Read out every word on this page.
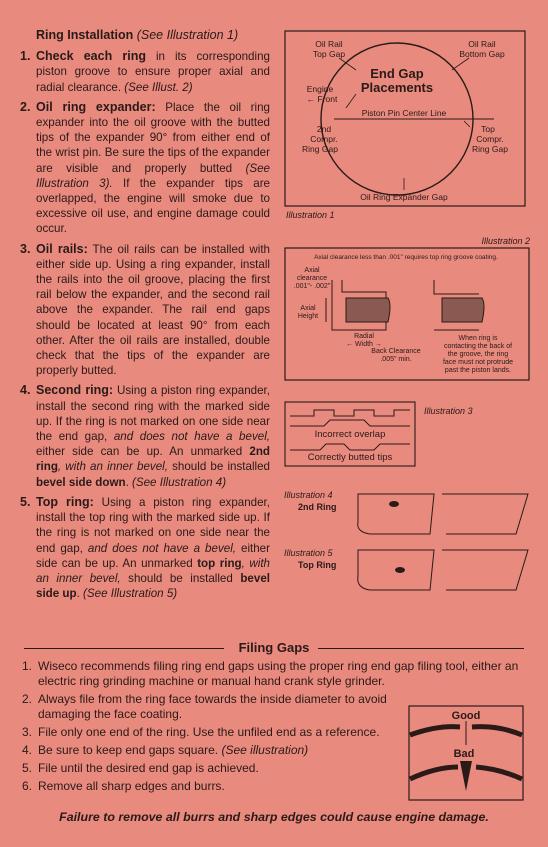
Ring Installation (See Illustration 1)
1. Check each ring in its corresponding piston groove to ensure proper axial and radial clearance. (See Illust. 2)
2. Oil ring expander: Place the oil ring expander into the oil groove with the butted tips of the expander 90° from either end of the wrist pin. Be sure the tips of the expander are visible and properly butted (See Illustration 3). If the expander tips are overlapped, the engine will smoke due to excessive oil use, and engine damage could occur.
3. Oil rails: The oil rails can be installed with either side up. Using a ring expander, install the rails into the oil groove, placing the first rail below the expander, and the second rail above the expander. The rail end gaps should be located at least 90° from each other. After the oil rails are installed, double check that the tips of the expander are properly butted.
4. Second ring: Using a piston ring expander, install the second ring with the marked side up. If the ring is not marked on one side near the end gap, and does not have a bevel, either side can be up. An unmarked 2nd ring, with an inner bevel, should be installed bevel side down. (See Illustration 4)
5. Top ring: Using a piston ring expander, install the top ring with the marked side up. If the ring is not marked on one side near the end gap, and does not have a bevel, either side can be up. An unmarked top ring, with an inner bevel, should be installed bevel side up. (See Illustration 5)
End Gap
Placements
Oil Rail
Top Gap
Oil Rail
Bottom Gap
Engine
← Front
Piston Pin Center Line
2nd
Compr.
Ring Gap
Top
Compr.
Ring Gap
Oil Ring Expander Gap
Illustration 1
Illustration 2
Axial clearance less than .001" requires top ring groove coating.
Axial
clearance
.001"- .002"
Axial
Height
Radial
← Width →
Back Clearance
.005" min.
When ring is
contacting the back of
the groove, the ring
face must not protrude
past the piston lands.
Incorrect overlap
Correctly butted tips
Illustration 3
Illustration 4
2nd Ring
Illustration 5
Top Ring
Filing Gaps
1. Wiseco recommends filing ring end gaps using the proper ring end gap filing tool, either an electric ring grinding machine or manual hand crank style grinder.
2. Always file from the ring face towards the inside diameter to avoid damaging the face coating.
3. File only one end of the ring. Use the unfiled end as a reference.
4. Be sure to keep end gaps square. (See illustration)
5. File until the desired end gap is achieved.
6. Remove all sharp edges and burrs.
Good
Bad
Failure to remove all burrs and sharp edges could cause engine damage.
